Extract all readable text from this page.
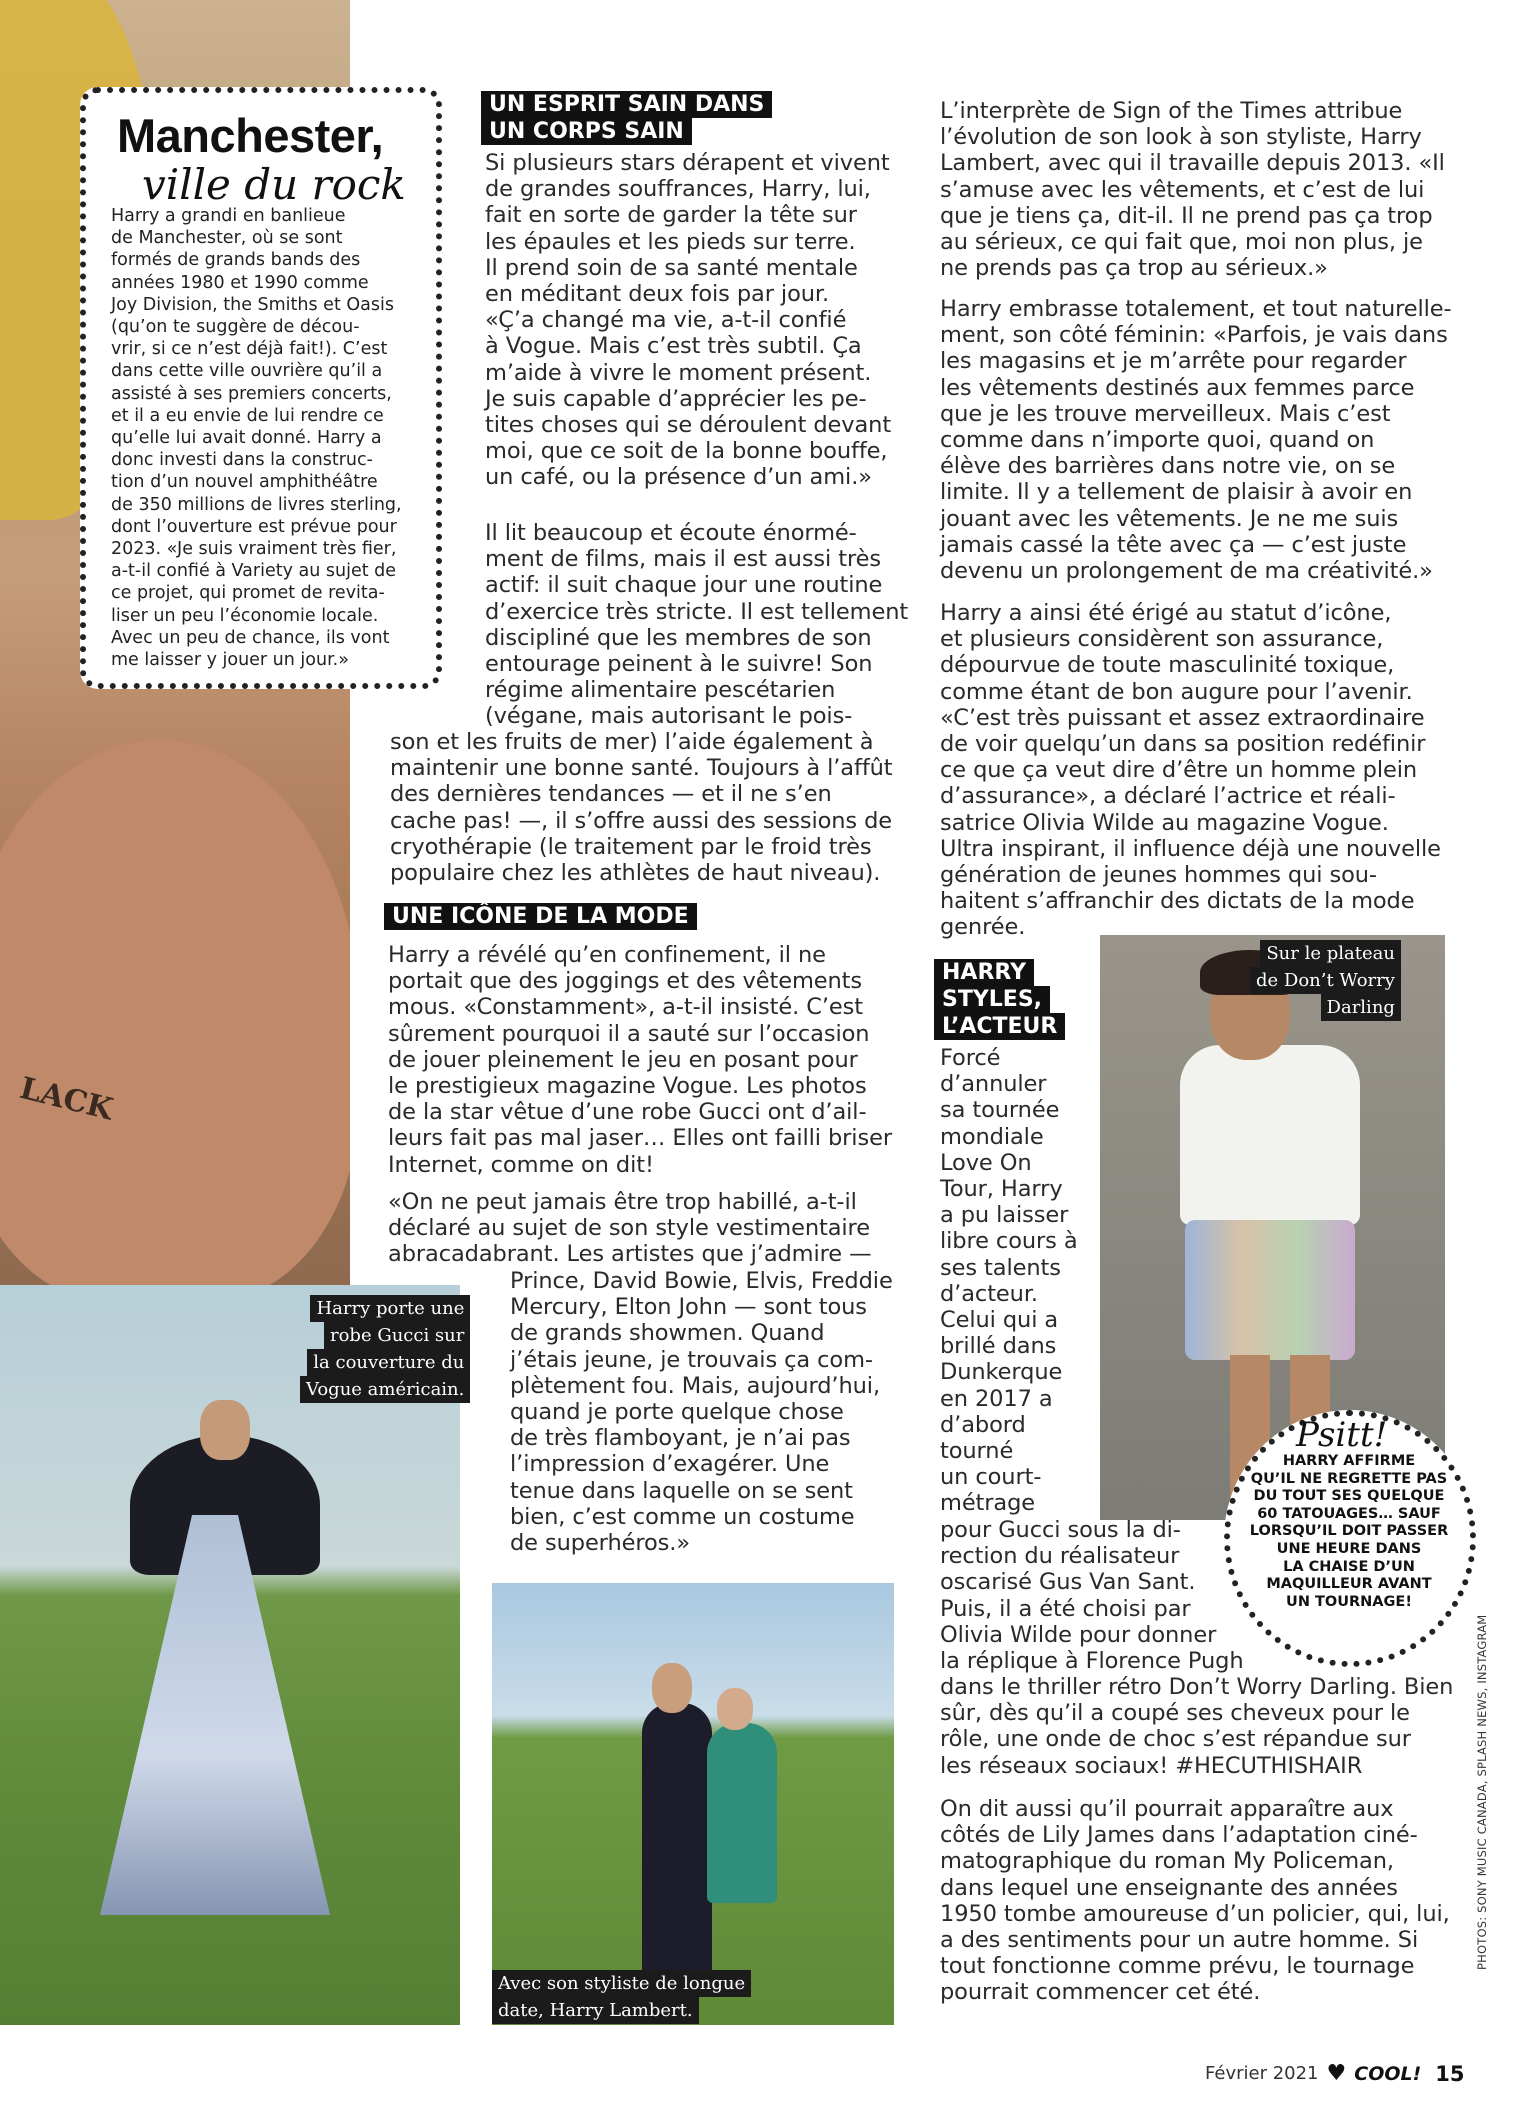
LACK
Manchester,
ville du rock
Harry a grandi en banlieue
de Manchester, où se sont
formés de grands bands des
années 1980 et 1990 comme
Joy Division, the Smiths et Oasis
(qu’on te suggère de décou-
vrir, si ce n’est déjà fait!). C’est
dans cette ville ouvrière qu’il a
assisté à ses premiers concerts,
et il a eu envie de lui rendre ce
qu’elle lui avait donné. Harry a
donc investi dans la construc-
tion d’un nouvel amphithéâtre
de 350 millions de livres sterling,
dont l’ouverture est prévue pour
2023. «Je suis vraiment très fier,
a-t-il confié à Variety au sujet de
ce projet, qui promet de revita-
liser un peu l’économie locale.
Avec un peu de chance, ils vont
me laisser y jouer un jour.»
UN ESPRIT SAIN DANS
UN CORPS SAIN
Si plusieurs stars dérapent et vivent
de grandes souffrances, Harry, lui,
fait en sorte de garder la tête sur
les épaules et les pieds sur terre.
Il prend soin de sa santé mentale
en méditant deux fois par jour.
«Ç’a changé ma vie, a-t-il confié
à Vogue. Mais c’est très subtil. Ça
m’aide à vivre le moment présent.
Je suis capable d’apprécier les pe-
tites choses qui se déroulent devant
moi, que ce soit de la bonne bouffe,
un café, ou la présence d’un ami.»
Il lit beaucoup et écoute énormé-
ment de films, mais il est aussi très
actif: il suit chaque jour une routine
d’exercice très stricte. Il est tellement
discipliné que les membres de son
entourage peinent à le suivre! Son
régime alimentaire pescétarien
(végane, mais autorisant le pois-
son et les fruits de mer) l’aide également à
maintenir une bonne santé. Toujours à l’affût
des dernières tendances — et il ne s’en
cache pas! —, il s’offre aussi des sessions de
cryothérapie (le traitement par le froid très
populaire chez les athlètes de haut niveau).
UNE ICÔNE DE LA MODE
Harry a révélé qu’en confinement, il ne
portait que des joggings et des vêtements
mous. «Constamment», a-t-il insisté. C’est
sûrement pourquoi il a sauté sur l’occasion
de jouer pleinement le jeu en posant pour
le prestigieux magazine Vogue. Les photos
de la star vêtue d’une robe Gucci ont d’ail-
leurs fait pas mal jaser… Elles ont failli briser
Internet, comme on dit!
«On ne peut jamais être trop habillé, a-t-il
déclaré au sujet de son style vestimentaire
abracadabrant. Les artistes que j’admire —
Prince, David Bowie, Elvis, Freddie
Mercury, Elton John — sont tous
de grands showmen. Quand
j’étais jeune, je trouvais ça com-
plètement fou. Mais, aujourd’hui,
quand je porte quelque chose
de très flamboyant, je n’ai pas
l’impression d’exagérer. Une
tenue dans laquelle on se sent
bien, c’est comme un costume
de superhéros.»
L’interprète de Sign of the Times attribue
l’évolution de son look à son styliste, Harry
Lambert, avec qui il travaille depuis 2013. «Il
s’amuse avec les vêtements, et c’est de lui
que je tiens ça, dit-il. Il ne prend pas ça trop
au sérieux, ce qui fait que, moi non plus, je
ne prends pas ça trop au sérieux.»
Harry embrasse totalement, et tout naturelle-
ment, son côté féminin: «Parfois, je vais dans
les magasins et je m’arrête pour regarder
les vêtements destinés aux femmes parce
que je les trouve merveilleux. Mais c’est
comme dans n’importe quoi, quand on
élève des barrières dans notre vie, on se
limite. Il y a tellement de plaisir à avoir en
jouant avec les vêtements. Je ne me suis
jamais cassé la tête avec ça — c’est juste
devenu un prolongement de ma créativité.»
Harry a ainsi été érigé au statut d’icône,
et plusieurs considèrent son assurance,
dépourvue de toute masculinité toxique,
comme étant de bon augure pour l’avenir.
«C’est très puissant et assez extraordinaire
de voir quelqu’un dans sa position redéfinir
ce que ça veut dire d’être un homme plein
d’assurance», a déclaré l’actrice et réali-
satrice Olivia Wilde au magazine Vogue.
Ultra inspirant, il influence déjà une nouvelle
génération de jeunes hommes qui sou-
haitent s’affranchir des dictats de la mode
genrée.
HARRY
STYLES,
L’ACTEUR
Forcé
d’annuler
sa tournée
mondiale
Love On
Tour, Harry
a pu laisser
libre cours à
ses talents
d’acteur.
Celui qui a
brillé dans
Dunkerque
en 2017 a
d’abord
tourné
un court-
métrage
pour Gucci sous la di-
rection du réalisateur
oscarisé Gus Van Sant.
Puis, il a été choisi par
Olivia Wilde pour donner
la réplique à Florence Pugh
dans le thriller rétro Don’t Worry Darling. Bien
sûr, dès qu’il a coupé ses cheveux pour le
rôle, une onde de choc s’est répandue sur
les réseaux sociaux! #HECUTHISHAIR
On dit aussi qu’il pourrait apparaître aux
côtés de Lily James dans l’adaptation ciné-
matographique du roman My Policeman,
dans lequel une enseignante des années
1950 tombe amoureuse d’un policier, qui, lui,
a des sentiments pour un autre homme. Si
tout fonctionne comme prévu, le tournage
pourrait commencer cet été.
Harry porte une
robe Gucci sur
la couverture du
Vogue américain.
Avec son styliste de longue
date, Harry Lambert.
Sur le plateau
de Don’t Worry
Darling
Psitt!
HARRY AFFIRME
QU’IL NE REGRETTE PAS
DU TOUT SES QUELQUE
60 TATOUAGES… SAUF
LORSQU’IL DOIT PASSER
UNE HEURE DANS
LA CHAISE D’UN
MAQUILLEUR AVANT
UN TOURNAGE!
PHOTOS: SONY MUSIC CANADA, SPLASH NEWS, INSTAGRAM
Février 2021 ♥ COOL! 15
